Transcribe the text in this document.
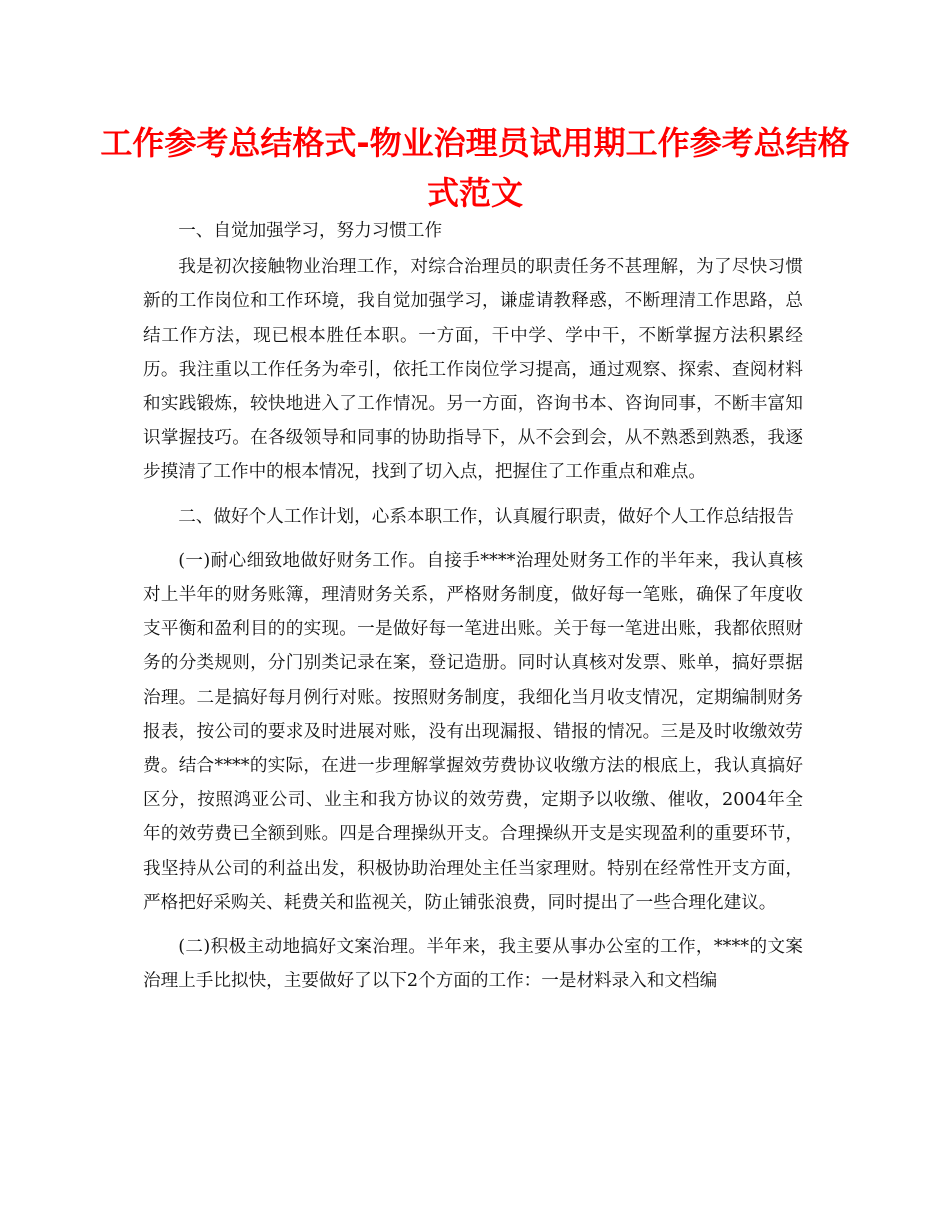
工作参考总结格式-物业治理员试用期工作参考总结格式范文

一、自觉加强学习，努力习惯工作

我是初次接触物业治理工作，对综合治理员的职责任务不甚理解，为了尽快习惯新的工作岗位和工作环境，我自觉加强学习，谦虚请教释惑，不断理清工作思路，总结工作方法，现已根本胜任本职。一方面，干中学、学中干，不断掌握方法积累经历。我注重以工作任务为牵引，依托工作岗位学习提高，通过观察、探索、查阅材料和实践锻炼，较快地进入了工作情况。另一方面，咨询书本、咨询同事，不断丰富知识掌握技巧。在各级领导和同事的协助指导下，从不会到会，从不熟悉到熟悉，我逐步摸清了工作中的根本情况，找到了切入点，把握住了工作重点和难点。

二、做好个人工作计划，心系本职工作，认真履行职责，做好个人工作总结报告

(一)耐心细致地做好财务工作。自接手****治理处财务工作的半年来，我认真核对上半年的财务账簿，理清财务关系，严格财务制度，做好每一笔账，确保了年度收支平衡和盈利目的的实现。一是做好每一笔进出账。关于每一笔进出账，我都依照财务的分类规则，分门别类记录在案，登记造册。同时认真核对发票、账单，搞好票据治理。二是搞好每月例行对账。按照财务制度，我细化当月收支情况，定期编制财务报表，按公司的要求及时进展对账，没有出现漏报、错报的情况。三是及时收缴效劳费。结合****的实际，在进一步理解掌握效劳费协议收缴方法的根底上，我认真搞好区分，按照鸿亚公司、业主和我方协议的效劳费，定期予以收缴、催收，2004年全年的效劳费已全额到账。四是合理操纵开支。合理操纵开支是实现盈利的重要环节，我坚持从公司的利益出发，积极协助治理处主任当家理财。特别在经常性开支方面，严格把好采购关、耗费关和监视关，防止铺张浪费，同时提出了一些合理化建议。

(二)积极主动地搞好文案治理。半年来，我主要从事办公室的工作，****的文案治理上手比拟快，主要做好了以下2个方面的工作：一是材料录入和文档编
